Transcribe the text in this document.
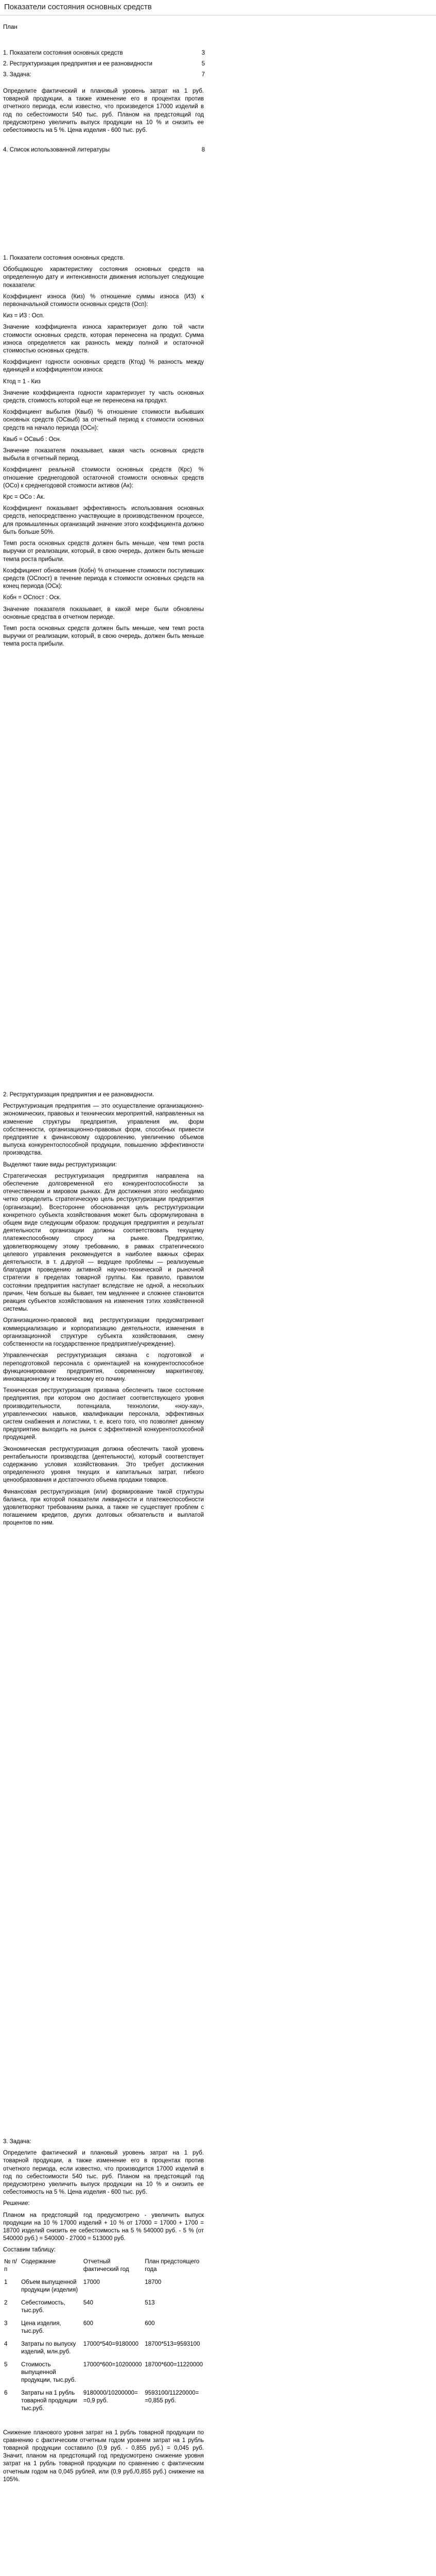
Показатели состояния основных средств

План

1. Показатели состояния основных средств	3
2. Реструктуризация предприятия и ее разновидности	5
3. Задача:	7

Определите фактический и плановый уровень затрат на 1 руб. товарной продукции, а также изменение его в процентах против отчетного периода, если известно, что произведется 17000 изделий в год по себестоимости 540 тыс. руб. Планом на предстоящий год предусмотрено увеличить выпуск продукции на 10 % и снизить ее себестоимость на 5 %. Цена изделия - 600 тыс. руб.

4. Список использованной литературы	8

1. Показатели состояния основных средств.

Обобщающую характеристику состояния основных средств на определенную дату и интенсивности движения использует следующие показатели:

Коэффициент износа (Киз) % отношение суммы износа (ИЗ) к первоначальной стоимости основных средств (Осп):

Киз = И3 : Осп.

Значение коэффициента износа характеризует долю той части стоимости основных средств, которая перенесена на продукт. Сумма износа определяется как разность между полной и остаточной стоимостью основных средств.

Коэффициент годности основных средств (Ктод) % разность между единицей и коэффициентом износа:

Ктод = 1 - Киз

Значение коэффициента годности характеризует ту часть основных средств, стоимость которой еще не перенесена на продукт.

Коэффициент выбытия (Квыб) % отношение стоимости выбывших основных средств (ОСвыб) за отчетный период к стоимости основных средств на начало периода (ОСн):

Квыб = ОСвыб : Осн.

Значение показателя показывает, какая часть основных средств выбыла в отчетный период.

Коэффициент реальной стоимости основных средств (Крс) % отношение среднегодовой остаточной стоимости основных средств (ОСо) к среднегодовой стоимости активов (Ак):

Крс = ОСо : Ак.

Коэффициент показывает эффективность использования основных средств, непосредственно участвующие в производственном процессе, для промышленных организаций значение этого коэффициента должно быть больше 50%.

Темп роста основных средств должен быть меньше, чем темп роста выручки от реализации, который, в свою очередь, должен быть меньше темпа роста прибыли.

Коэффициент обновления (Кобн) % отношение стоимости поступивших средств (ОСпост) в течение периода к стоимости основных средств на конец периода (ОСк):

Кобн = ОСпост : Оск.

Значение показателя показывает, в какой мере были обновлены основные средства в отчетном периоде.

Темп роста основных средств должен быть меньше, чем темп роста выручки от реализации, который, в свою очередь, должен быть меньше темпа роста прибыли.

2. Реструктуризация предприятия и ее разновидности.

Реструктуризация предприятия — это осуществление организационно-экономических, правовых и технических мероприятий, направленных на изменение структуры предприятия, управления им, форм собственности, организационно-правовых форм, способных привести предприятие к финансовому оздоровлению, увеличению объемов выпуска конкурентоспособной продукции, повышению эффективности производства.

Выделяют такие виды реструктуризации:

Стратегическая реструктуризация предприятия направлена на обеспечение долговременной его конкурентоспособности за отечественном и мировом рынках. Для достижения этого необходимо четко определить стратегическую цель реструктуризации предприятия (организации). Всесторонне обоснованная цель реструктуризации конкретного субъекта хозяйствования может быть сформулирована в общем виде следующим образом: продукция предприятия и результат деятельности организации должны соответствовать текущему платежеспособному спросу на рынке. Предприятию, удовлетворяющему этому требованию, в рамках стратегического целевого управления рекомендуется в наиболее важных сферах деятельности, в т. д.другой — ведущее проблемы — реализуемые благодаря проведению активной научно-технической и рыночной стратегии в пределах товарной группы. Как правило, правилом состоянии предприятия наступает вследствие не одной, а нескольких причин. Чем больше вы бывает, тем медленнее и сложнее становится реакция субъектов хозяйствования на изменения тэтих хозяйственной системы.

Организационно-правовой вид реструктуризации предусматривает коммерциализацию и корпоратизацию деятельности, изменения в организационной структуре субъекта хозяйствования, смену собственности на государственное предприятие/учреждение).

Управленческая реструктуризация связана с подготовкой и переподготовкой персонала с ориентацией на конкурентоспособное функционирование предприятия, современному маркетингову, инновационному и техническому его почину.

Техническая реструктуризация призвана обеспечить такое состояние предприятия, при котором оно достигает соответствующего уровня производительности, потенциала, технологии, «ноу-хау», управленческих навыков, квалификации персонала, эффективных систем снабжения и логистики, т. е. всего того, что позволяет данному предприятию выходить на рынок с эффективной конкурентоспособной продукцией.

Экономическая реструктуризация должна обеспечить такой уровень рентабельности производства (деятельности), который соответствует содержанию условия хозяйствования. Это требует достижения определенного уровня текущих и капитальных затрат, гибкого ценообразования и достаточного объема продажи товаров.

Финансовая реструктуризация (или) формирование такой структуры баланса, при которой показатели ликвидности и платежеспособности удовлетворяют требованиям рынка, а также не существует проблем с погашением кредитов, других долговых обязательств и выплатой процентов по ним.

3. Задача:

Определите фактический и плановый уровень затрат на 1 руб. товарной продукции, а также изменение его в процентах против отчетного периода, если известно, что производится 17000 изделий в год по себестоимости 540 тыс. руб. Планом на предстоящий год предусмотрено увеличить выпуск продукции на 10 % и снизить ее себестоимость на 5 %. Цена изделия - 600 тыс. руб.

Решение:

Планом на предстоящий год предусмотрено - увеличить выпуск продукции на 10 % 17000 изделий + 10 % от 17000 = 17000 + 1700 = 18700 изделий снизить ее себестоимость на 5 % 540000 руб. - 5 % (от 540000 руб.) = 540000 - 27000 = 513000 руб.

Составим таблицу:

№ п/п	Содержание	Отчетный фактический год	План предстоящего года
1	Объем выпущенной продукции (изделия)	17000	18700
2	Себестоимость, тыс.руб.	540	513
3	Цена изделия, тыс.руб.	600	600
4	Затраты по выпуску изделий, млн.руб.	17000*540=9180000	18700*513=9593100
5	Стоимость выпущенной продукции, тыс.руб.	17000*600=10200000	18700*600=11220000
6	Затраты на 1 рубль товарной продукции тыс.руб.	9180000/10200000= =0,9 руб.	9593100/11220000= =0,855 руб.

Снижение планового уровня затрат на 1 рубль товарной продукции по сравнению с фактическим отчетным годом уровнем затрат на 1 рубль товарной продукции составило (0,9 руб. - 0,855 руб.) = 0,045 руб. Значит, планом на предстоящий год предусмотрено снижение уровня затрат на 1 рубль товарной продукции по сравнению с фактическим отчетным годом на 0,045 рублей, или (0,9 руб./0,855 руб.) снижение на 105%.
